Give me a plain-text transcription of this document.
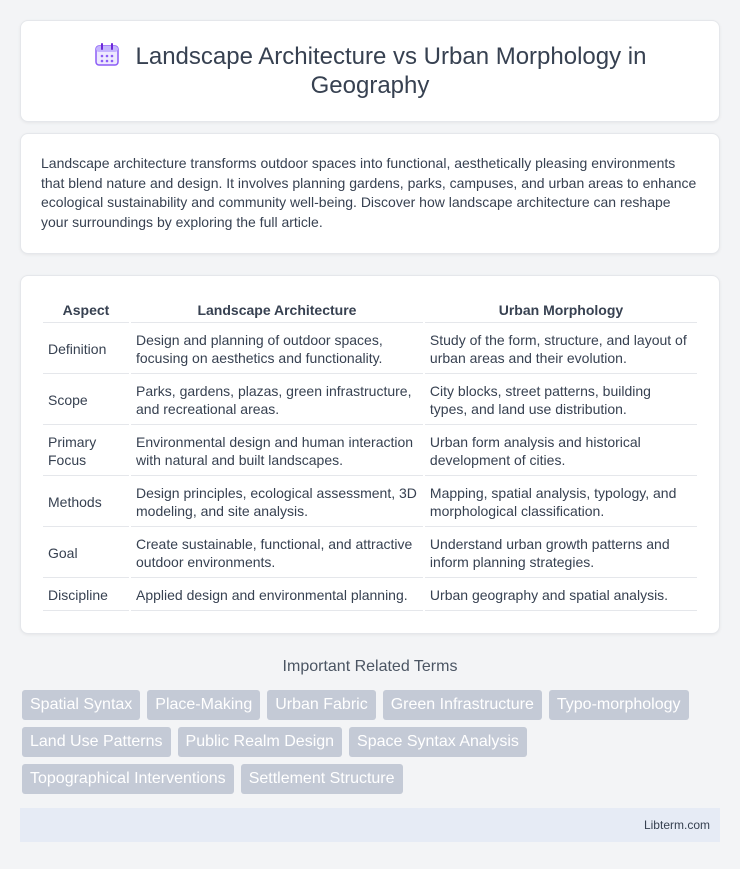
Landscape Architecture vs Urban Morphology in Geography

Landscape architecture transforms outdoor spaces into functional, aesthetically pleasing environments that blend nature and design. It involves planning gardens, parks, campuses, and urban areas to enhance ecological sustainability and community well-being. Discover how landscape architecture can reshape your surroundings by exploring the full article.

Aspect	Landscape Architecture	Urban Morphology
Definition	Design and planning of outdoor spaces, focusing on aesthetics and functionality.	Study of the form, structure, and layout of urban areas and their evolution.
Scope	Parks, gardens, plazas, green infrastructure, and recreational areas.	City blocks, street patterns, building types, and land use distribution.
Primary Focus	Environmental design and human interaction with natural and built landscapes.	Urban form analysis and historical development of cities.
Methods	Design principles, ecological assessment, 3D modeling, and site analysis.	Mapping, spatial analysis, typology, and morphological classification.
Goal	Create sustainable, functional, and attractive outdoor environments.	Understand urban growth patterns and inform planning strategies.
Discipline	Applied design and environmental planning.	Urban geography and spatial analysis.
Important Related Terms
Spatial Syntax	Place-Making	Urban Fabric	Green Infrastructure	Typo-morphology
Land Use Patterns	Public Realm Design	Space Syntax Analysis
Topographical Interventions	Settlement Structure
Libterm.com
